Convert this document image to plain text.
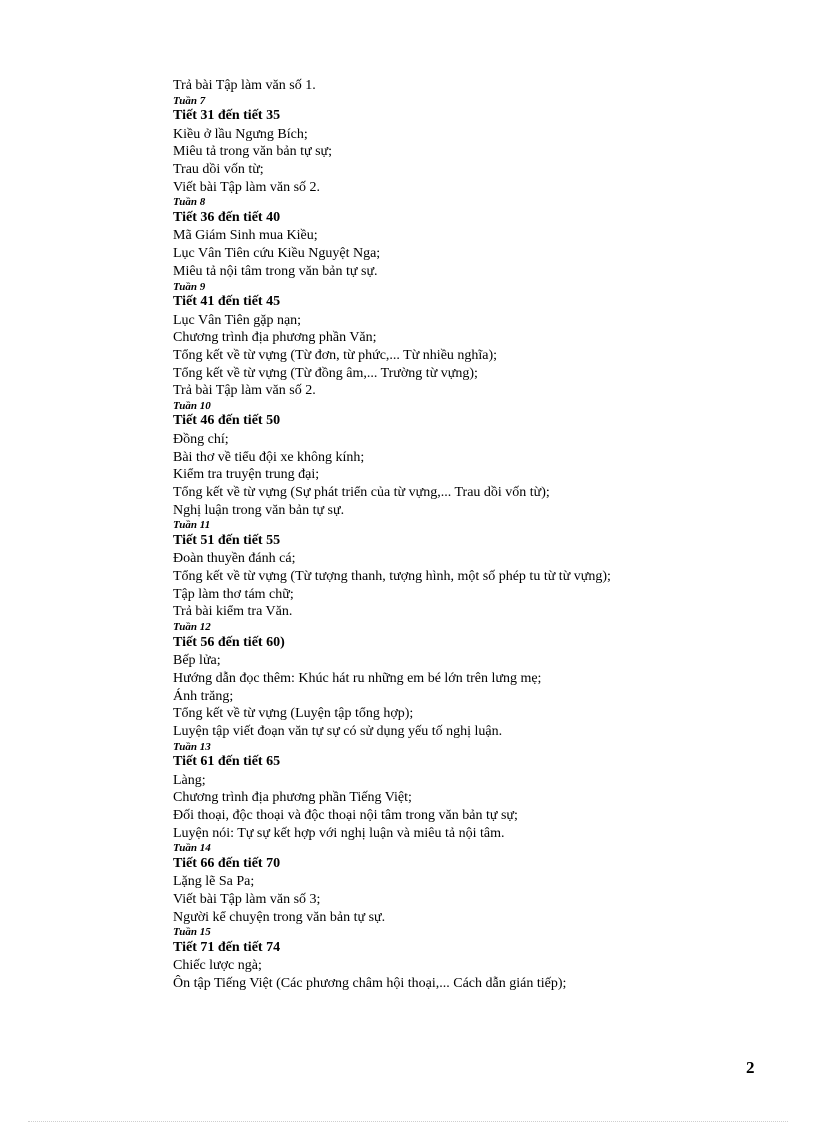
Trả bài Tập làm văn số 1.
Tuần 7
Tiết 31 đến tiết 35
Kiều ở lầu Ngưng Bích;
Miêu tả trong văn bản tự sự;
Trau dồi vốn từ;
Viết bài Tập làm văn số 2.
Tuần 8
Tiết 36 đến tiết 40
Mã Giám Sinh mua Kiều;
Lục Vân Tiên cứu Kiều Nguyệt Nga;
Miêu tả nội tâm trong văn bản tự sự.
Tuần 9
Tiết 41 đến tiết 45
Lục Vân Tiên gặp nạn;
Chương trình địa phương phần Văn;
Tổng kết về từ vựng (Từ đơn, từ phức,... Từ nhiều nghĩa);
Tổng kết về từ vựng (Từ đồng âm,... Trường từ vựng);
Trả bài Tập làm văn số 2.
Tuần 10
Tiết 46 đến tiết 50
Đồng chí;
Bài thơ về tiểu đội xe không kính;
Kiểm tra truyện trung đại;
Tổng kết về từ vựng (Sự phát triển của từ vựng,... Trau dồi vốn từ);
Nghị luận trong văn bản tự sự.
Tuần 11
Tiết 51 đến tiết 55
Đoàn thuyền đánh cá;
Tổng kết về từ vựng (Từ tượng thanh, tượng hình, một số phép tu từ từ vựng);
Tập làm thơ tám chữ;
Trả bài kiểm tra Văn.
Tuần 12
Tiết 56 đến tiết 60)
Bếp lửa;
Hướng dẫn đọc thêm: Khúc hát ru những em bé lớn trên lưng mẹ;
Ánh trăng;
Tổng kết về từ vựng (Luyện tập tổng hợp);
Luyện tập viết đoạn văn tự sự có sử dụng yếu tố nghị luận.
Tuần 13
Tiết 61 đến tiết 65
Làng;
Chương trình địa phương phần Tiếng Việt;
Đối thoại, độc thoại và độc thoại nội tâm trong văn bản tự sự;
Luyện nói: Tự sự kết hợp với nghị luận và miêu tả nội tâm.
Tuần 14
Tiết 66 đến tiết 70
Lặng lẽ Sa Pa;
Viết bài Tập làm văn số 3;
Người kể chuyện trong văn bản tự sự.
Tuần 15
Tiết 71 đến tiết 74
Chiếc lược ngà;
Ôn tập Tiếng Việt (Các phương châm hội thoại,... Cách dẫn gián tiếp);
2
